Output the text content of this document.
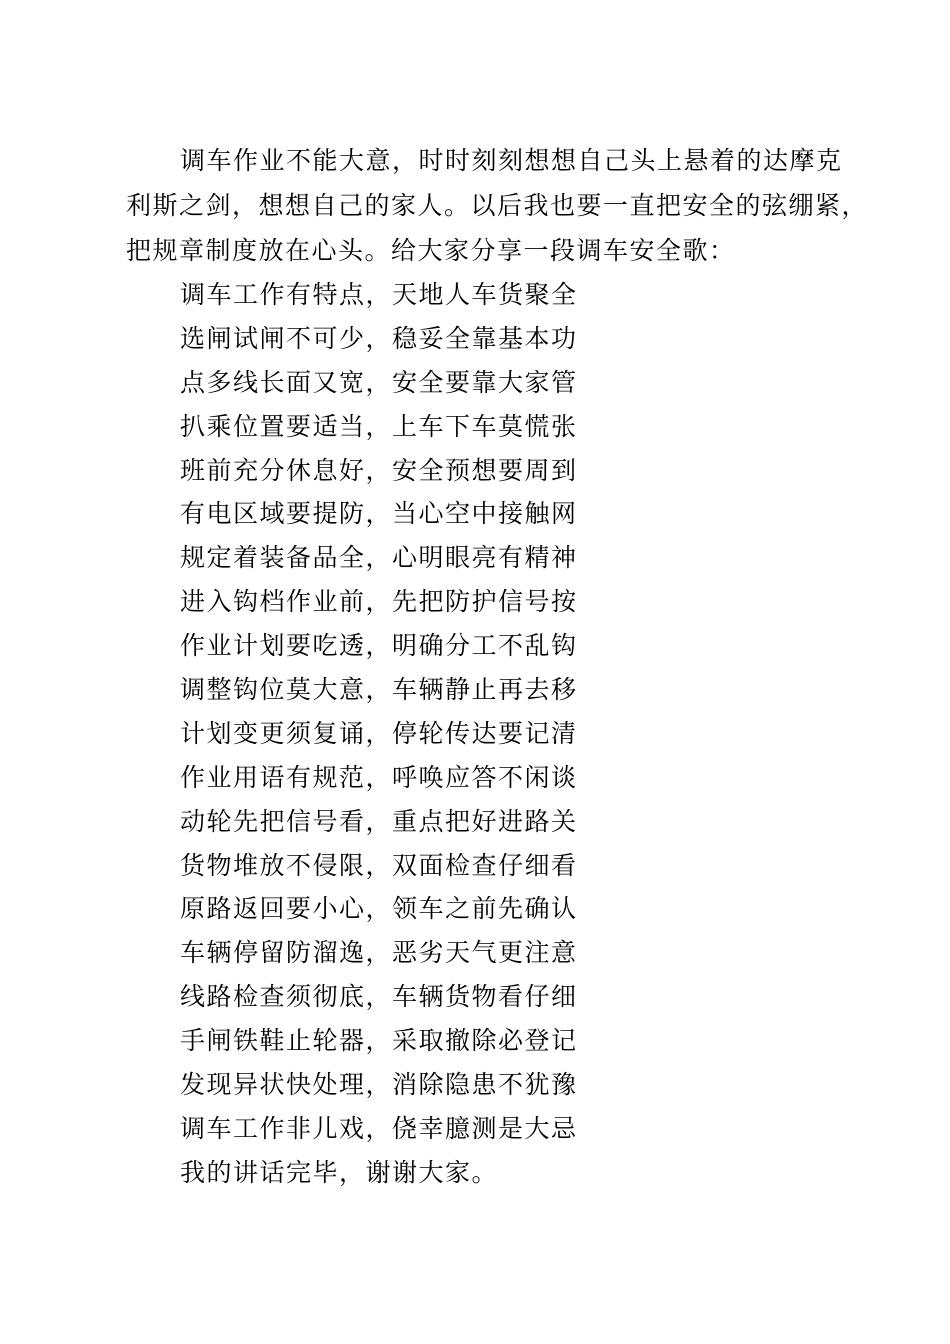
调车作业不能大意，时时刻刻想想自己头上悬着的达摩克
利斯之剑，想想自己的家人。以后我也要一直把安全的弦绷紧，
把规章制度放在心头。给大家分享一段调车安全歌：
调车工作有特点，天地人车货聚全
选闸试闸不可少，稳妥全靠基本功
点多线长面又宽，安全要靠大家管
扒乘位置要适当，上车下车莫慌张
班前充分休息好，安全预想要周到
有电区域要提防，当心空中接触网
规定着装备品全，心明眼亮有精神
进入钩档作业前，先把防护信号按
作业计划要吃透，明确分工不乱钩
调整钩位莫大意，车辆静止再去移
计划变更须复诵，停轮传达要记清
作业用语有规范，呼唤应答不闲谈
动轮先把信号看，重点把好进路关
货物堆放不侵限，双面检查仔细看
原路返回要小心，领车之前先确认
车辆停留防溜逸，恶劣天气更注意
线路检查须彻底，车辆货物看仔细
手闸铁鞋止轮器，采取撤除必登记
发现异状快处理，消除隐患不犹豫
调车工作非儿戏，侥幸臆测是大忌
我的讲话完毕，谢谢大家。
